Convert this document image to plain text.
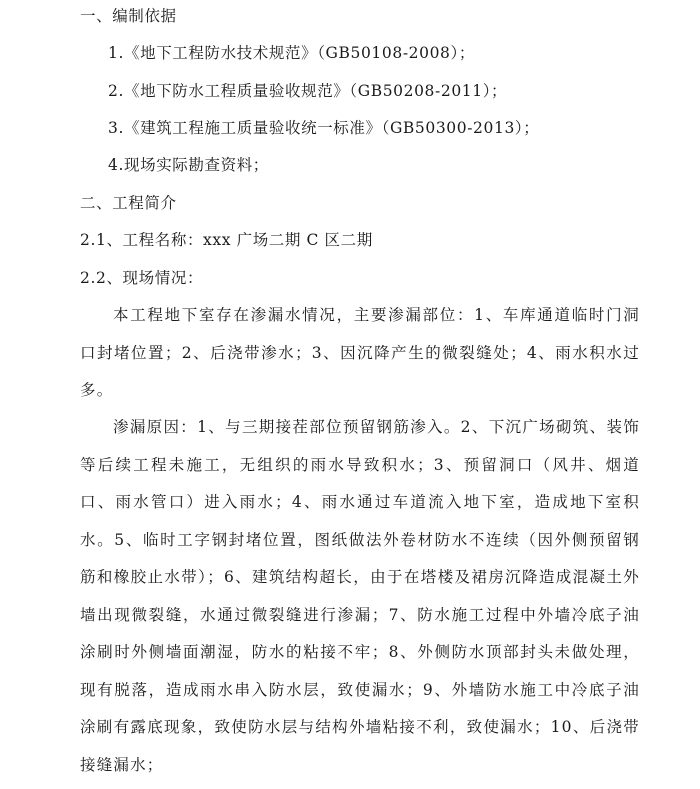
一、编制依据
1.《地下工程防水技术规范》（GB50108-2008）；
2.《地下防水工程质量验收规范》（GB50208-2011）；
3.《建筑工程施工质量验收统一标准》（GB50300-2013）；
4.现场实际勘查资料；
二、工程简介
2.1、工程名称：xxx 广场二期 C 区二期
2.2、现场情况：
本工程地下室存在渗漏水情况，主要渗漏部位：1、车库通道临时门洞口封堵位置；2、后浇带渗水；3、因沉降产生的微裂缝处；4、雨水积水过多。
渗漏原因：1、与三期接茬部位预留钢筋渗入。2、下沉广场砌筑、装饰等后续工程未施工，无组织的雨水导致积水；3、预留洞口（风井、烟道口、雨水管口）进入雨水；4、雨水通过车道流入地下室，造成地下室积水。5、临时工字钢封堵位置，图纸做法外卷材防水不连续（因外侧预留钢筋和橡胶止水带）；6、建筑结构超长，由于在塔楼及裙房沉降造成混凝土外墙出现微裂缝，水通过微裂缝进行渗漏；7、防水施工过程中外墙冷底子油涂刷时外侧墙面潮湿，防水的粘接不牢；8、外侧防水顶部封头未做处理，现有脱落，造成雨水串入防水层，致使漏水；9、外墙防水施工中冷底子油涂刷有露底现象，致使防水层与结构外墙粘接不利，致使漏水；10、后浇带接缝漏水；
